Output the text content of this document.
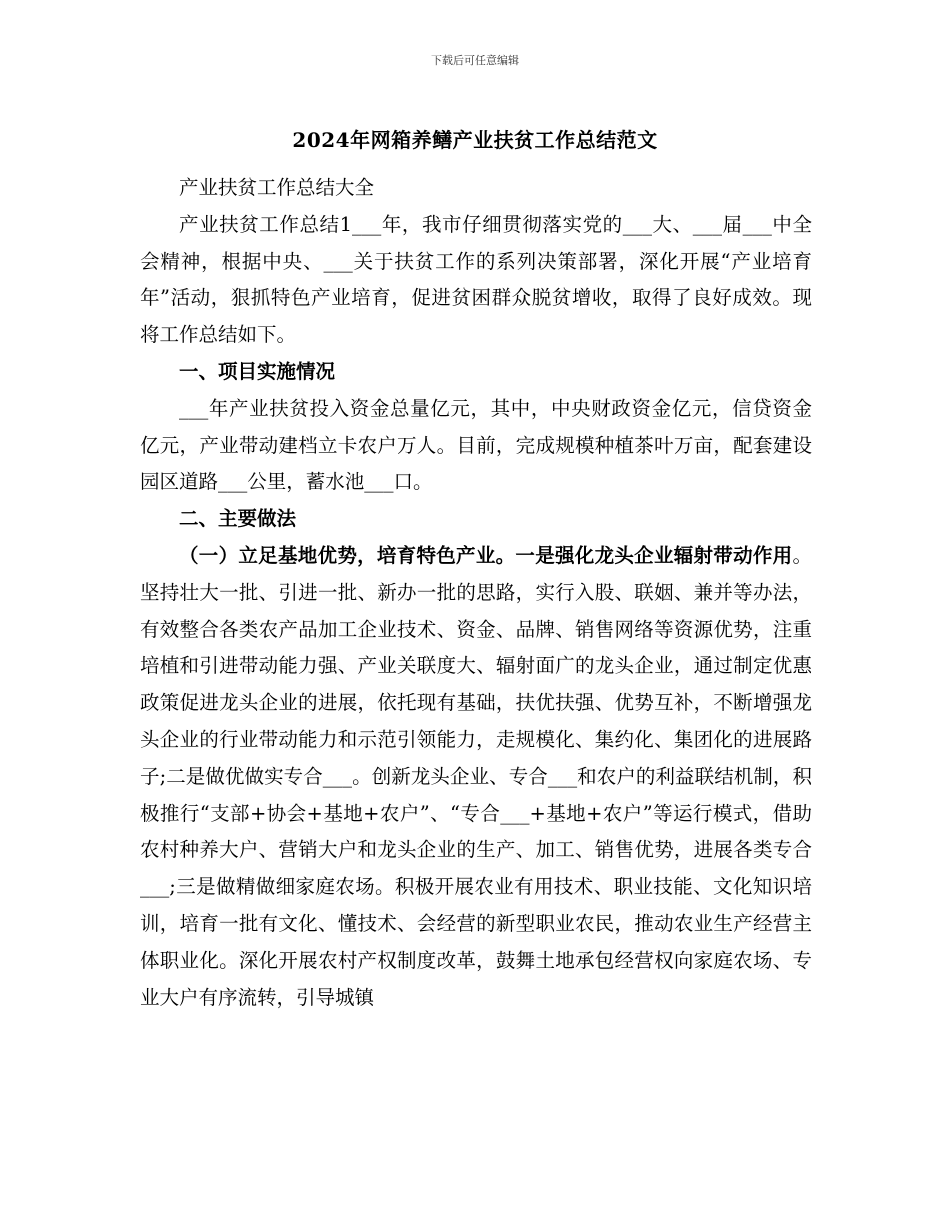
下载后可任意编辑
2024年网箱养鳝产业扶贫工作总结范文

产业扶贫工作总结大全

产业扶贫工作总结1___年，我市仔细贯彻落实党的___大、___届___中全会精神，根据中央、___关于扶贫工作的系列决策部署，深化开展“产业培育年”活动，狠抓特色产业培育，促进贫困群众脱贫增收，取得了良好成效。现将工作总结如下。

一、项目实施情况

___年产业扶贫投入资金总量亿元，其中，中央财政资金亿元，信贷资金亿元，产业带动建档立卡农户万人。目前，完成规模种植茶叶万亩，配套建设园区道路___公里，蓄水池___口。

二、主要做法

（一）立足基地优势，培育特色产业。一是强化龙头企业辐射带动作用。坚持壮大一批、引进一批、新办一批的思路，实行入股、联姻、兼并等办法，有效整合各类农产品加工企业技术、资金、品牌、销售网络等资源优势，注重培植和引进带动能力强、产业关联度大、辐射面广的龙头企业，通过制定优惠政策促进龙头企业的进展，依托现有基础，扶优扶强、优势互补，不断增强龙头企业的行业带动能力和示范引领能力，走规模化、集约化、集团化的进展路子;二是做优做实专合___。创新龙头企业、专合___和农户的利益联结机制，积极推行“支部+协会+基地+农户”、“专合___+基地+农户”等运行模式，借助农村种养大户、营销大户和龙头企业的生产、加工、销售优势，进展各类专合___;三是做精做细家庭农场。积极开展农业有用技术、职业技能、文化知识培训，培育一批有文化、懂技术、会经营的新型职业农民，推动农业生产经营主体职业化。深化开展农村产权制度改革，鼓舞土地承包经营权向家庭农场、专业大户有序流转，引导城镇
